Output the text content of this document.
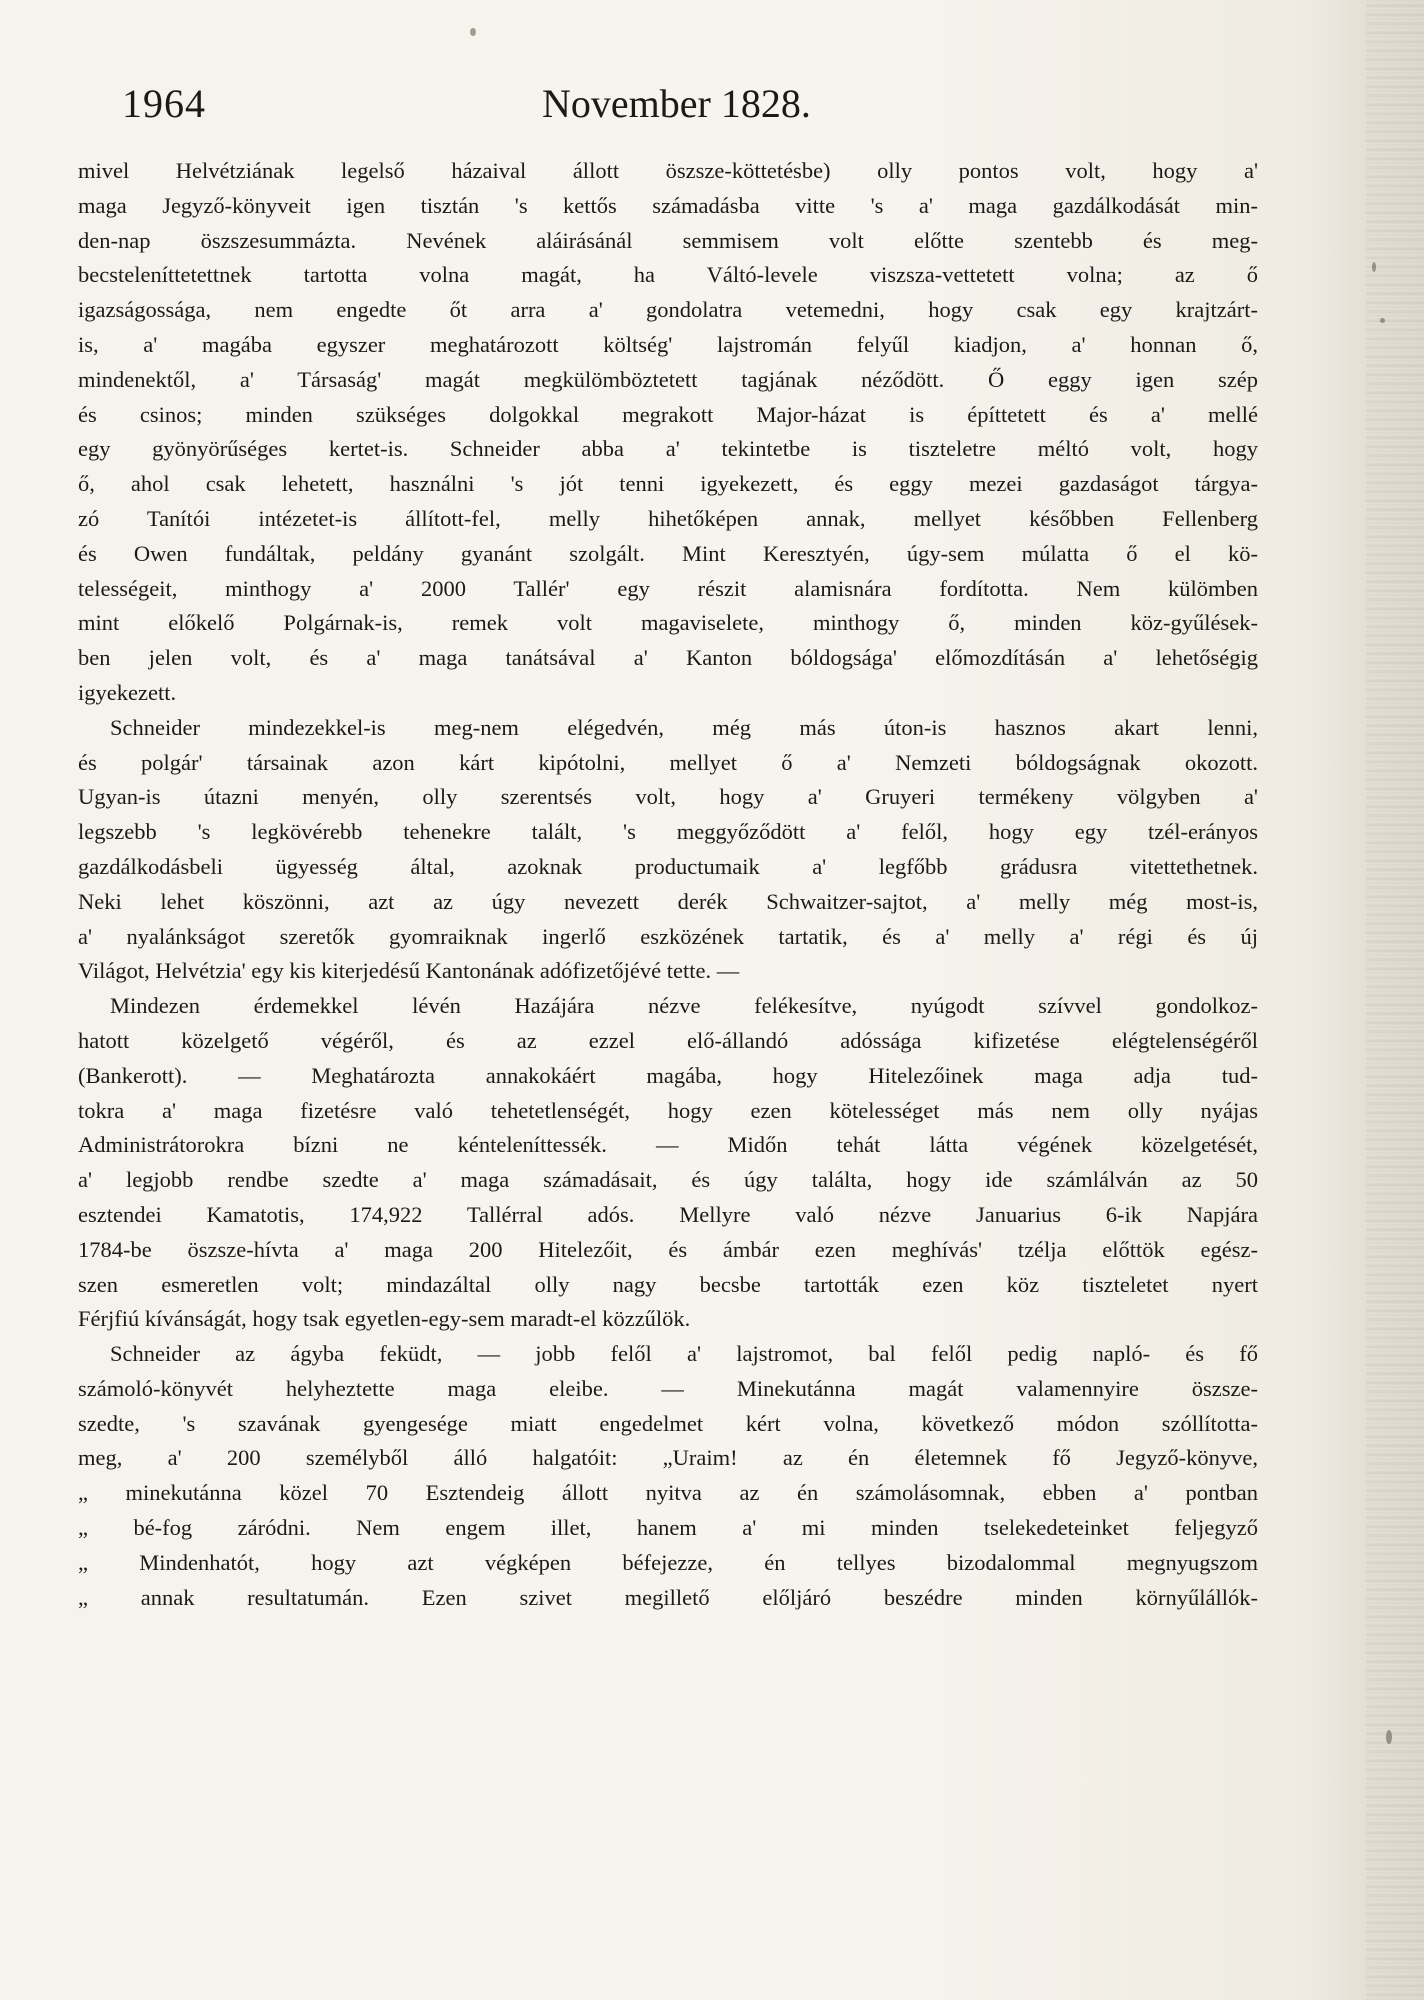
1964	November 1828.
mivel Helvétziának legelső házaival állott öszsze-köttetésbe) olly pontos volt, hogy a'
maga Jegyző-könyveit igen tisztán 's kettős számadásba vitte 's a' maga gazdálkodását min-
den-nap öszszesummázta. Nevének aláirásánál semmisem volt előtte szentebb és meg-
becsteleníttetettnek tartotta volna magát, ha Váltó-levele viszsza-vettetett volna; az ő
igazságossága, nem engedte őt arra a' gondolatra vetemedni, hogy csak egy krajtzárt-
is, a' magába egyszer meghatározott költség' lajstromán felyűl kiadjon, a' honnan ő,
mindenektől, a' Társaság' magát megkülömböztetett tagjának néződött. Ő eggy igen szép
és csinos; minden szükséges dolgokkal megrakott Major-házat is építtetett és a' mellé
egy gyönyörűséges kertet-is. Schneider abba a' tekintetbe is tiszteletre méltó volt, hogy
ő, ahol csak lehetett, használni 's jót tenni igyekezett, és eggy mezei gazdaságot tárgya-
zó Tanítói intézetet-is állított-fel, melly hihetőképen annak, mellyet későbben Fellenberg
és Owen fundáltak, peldány gyanánt szolgált. Mint Keresztyén, úgy-sem múlatta ő el kö-
telességeit, minthogy a' 2000 Tallér' egy részit alamisnára fordította. Nem külömben
mint előkelő Polgárnak-is, remek volt magaviselete, minthogy ő, minden köz-gyűlések-
ben jelen volt, és a' maga tanátsával a' Kanton bóldogsága' előmozdításán a' lehetőségig
igyekezett.
Schneider mindezekkel-is meg-nem elégedvén, még más úton-is hasznos akart lenni,
és polgár' társainak azon kárt kipótolni, mellyet ő a' Nemzeti bóldogságnak okozott.
Ugyan-is útazni menyén, olly szerentsés volt, hogy a' Gruyeri termékeny völgyben a'
legszebb 's legkövérebb tehenekre talált, 's meggyőződött a' felől, hogy egy tzél-erányos
gazdálkodásbeli ügyesség által, azoknak productumaik a' legfőbb grádusra vitettethetnek.
Neki lehet köszönni, azt az úgy nevezett derék Schwaitzer-sajtot, a' melly még most-is,
a' nyalánkságot szeretők gyomraiknak ingerlő eszközének tartatik, és a' melly a' régi és új
Világot, Helvétzia' egy kis kiterjedésű Kantonának adófizetőjévé tette. —
Mindezen érdemekkel lévén Hazájára nézve felékesítve, nyúgodt szívvel gondolkoz-
hatott közelgető végéről, és az ezzel elő-állandó adóssága kifizetése elégtelenségéről
(Bankerott). — Meghatározta annakokáért magába, hogy Hitelezőinek maga adja tud-
tokra a' maga fizetésre való tehetetlenségét, hogy ezen kötelességet más nem olly nyájas
Administrátorokra bízni ne kénteleníttessék. — Midőn tehát látta végének közelgetését,
a' legjobb rendbe szedte a' maga számadásait, és úgy találta, hogy ide számlálván az 50
esztendei Kamatotis, 174,922 Tallérral adós. Mellyre való nézve Januarius 6-ik Napjára
1784-be öszsze-hívta a' maga 200 Hitelezőit, és ámbár ezen meghívás' tzélja előttök egész-
szen esmeretlen volt; mindazáltal olly nagy becsbe tartották ezen köz tiszteletet nyert
Férjfiú kívánságát, hogy tsak egyetlen-egy-sem maradt-el közzűlök.
Schneider az ágyba feküdt, — jobb felől a' lajstromot, bal felől pedig napló- és fő
számoló-könyvét helyheztette maga eleibe. — Minekutánna magát valamennyire öszsze-
szedte, 's szavának gyengesége miatt engedelmet kért volna, következő módon szóllította-
meg, a' 200 személyből álló halgatóit: „Uraim! az én életemnek fő Jegyző-könyve,
„ minekutánna közel 70 Esztendeig állott nyitva az én számolásomnak, ebben a' pontban
„ bé-fog záródni. Nem engem illet, hanem a' mi minden tselekedeteinket feljegyző
„ Mindenhatót, hogy azt végképen béfejezze, én tellyes bizodalommal megnyugszom
„ annak resultatumán. Ezen szivet megillető előljáró beszédre minden környűlállók-
